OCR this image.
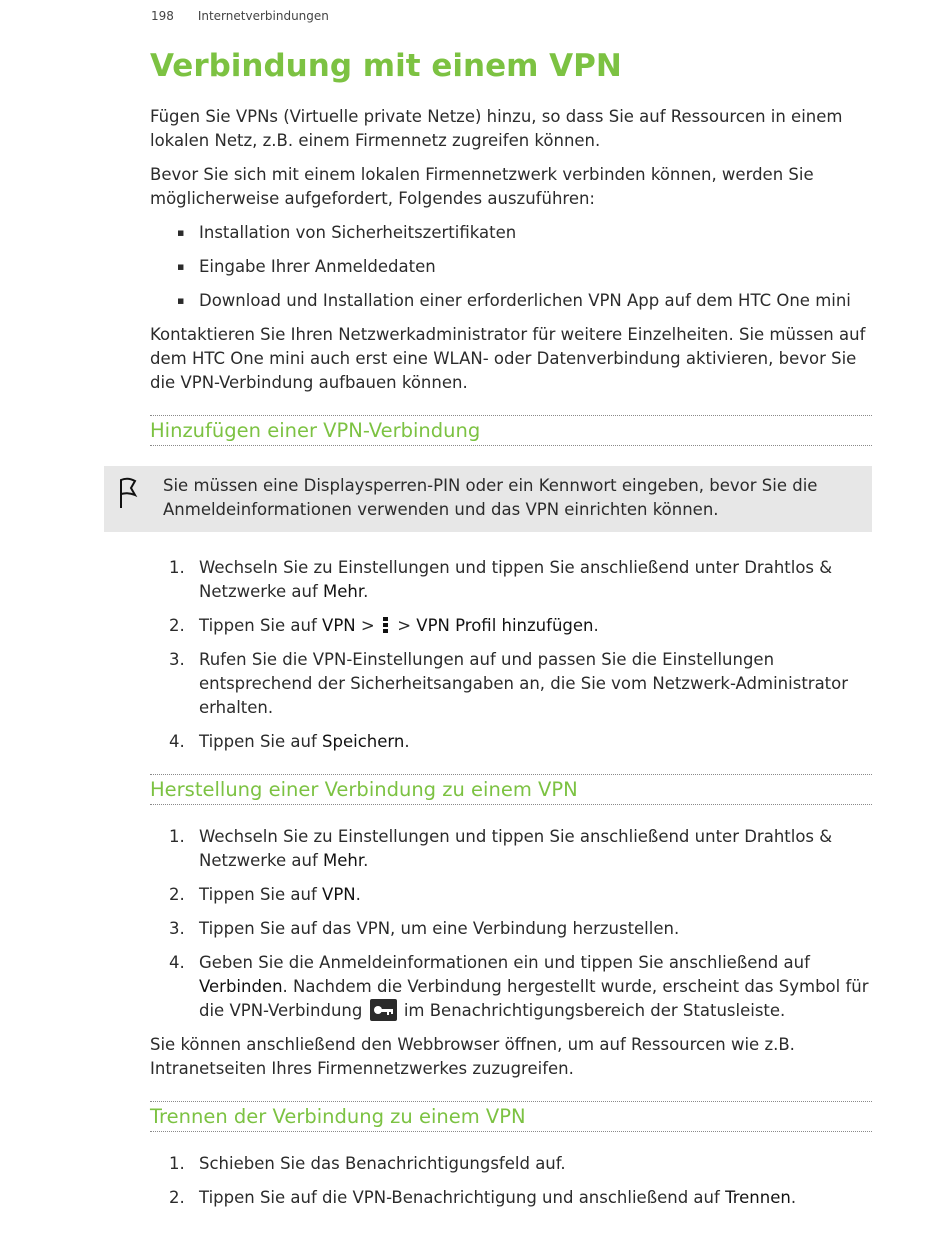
198 Internetverbindungen
Verbindung mit einem VPN

Fügen Sie VPNs (Virtuelle private Netze) hinzu, so dass Sie auf Ressourcen in einem lokalen Netz, z.B. einem Firmennetz zugreifen können.

Bevor Sie sich mit einem lokalen Firmennetzwerk verbinden können, werden Sie möglicherweise aufgefordert, Folgendes auszuführen:

▪ Installation von Sicherheitszertifikaten
▪ Eingabe Ihrer Anmeldedaten
▪ Download und Installation einer erforderlichen VPN App auf dem HTC One mini

Kontaktieren Sie Ihren Netzwerkadministrator für weitere Einzelheiten. Sie müssen auf dem HTC One mini auch erst eine WLAN- oder Datenverbindung aktivieren, bevor Sie die VPN-Verbindung aufbauen können.

Hinzufügen einer VPN-Verbindung
Sie müssen eine Displaysperren-PIN oder ein Kennwort eingeben, bevor Sie die Anmeldeinformationen verwenden und das VPN einrichten können.
1. Wechseln Sie zu Einstellungen und tippen Sie anschließend unter Drahtlos & Netzwerke auf Mehr.
2. Tippen Sie auf VPN >
> VPN Profil hinzufügen.
3. Rufen Sie die VPN-Einstellungen auf und passen Sie die Einstellungen entsprechend der Sicherheitsangaben an, die Sie vom Netzwerk-Administrator erhalten.
4. Tippen Sie auf Speichern.
Herstellung einer Verbindung zu einem VPN
1. Wechseln Sie zu Einstellungen und tippen Sie anschließend unter Drahtlos & Netzwerke auf Mehr.
2. Tippen Sie auf VPN.
3. Tippen Sie auf das VPN, um eine Verbindung herzustellen.
4. Geben Sie die Anmeldeinformationen ein und tippen Sie anschließend auf Verbinden. Nachdem die Verbindung hergestellt wurde, erscheint das Symbol für die VPN-Verbindung
im Benachrichtigungsbereich der Statusleiste.

Sie können anschließend den Webbrowser öffnen, um auf Ressourcen wie z.B. Intranetseiten Ihres Firmennetzwerkes zuzugreifen.

Trennen der Verbindung zu einem VPN
1. Schieben Sie das Benachrichtigungsfeld auf.
2. Tippen Sie auf die VPN-Benachrichtigung und anschließend auf Trennen.
